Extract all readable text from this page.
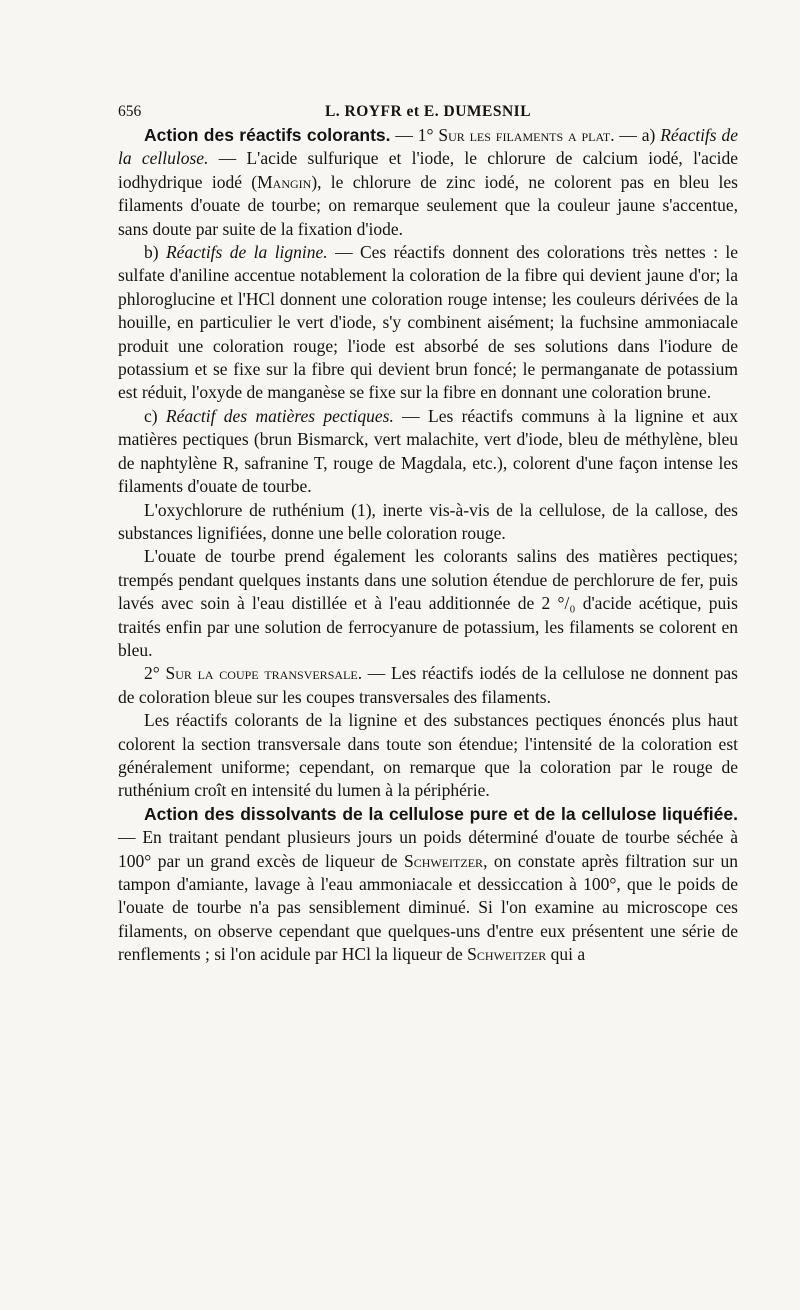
656	L. ROYFR et E. DUMESNIL

Action des réactifs colorants. — 1° Sur les filaments a plat. — a) Réactifs de la cellulose. — L'acide sulfurique et l'iode, le chlorure de calcium iodé, l'acide iodhydrique iodé (Mangin), le chlorure de zinc iodé, ne colorent pas en bleu les filaments d'ouate de tourbe; on remarque seulement que la couleur jaune s'accentue, sans doute par suite de la fixation d'iode.

b) Réactifs de la lignine. — Ces réactifs donnent des colorations très nettes : le sulfate d'aniline accentue notablement la coloration de la fibre qui devient jaune d'or; la phloroglucine et l'HCl donnent une coloration rouge intense; les couleurs dérivées de la houille, en particulier le vert d'iode, s'y combinent aisément; la fuchsine ammoniacale produit une coloration rouge; l'iode est absorbé de ses solutions dans l'iodure de potassium et se fixe sur la fibre qui devient brun foncé; le permanganate de potassium est réduit, l'oxyde de manganèse se fixe sur la fibre en donnant une coloration brune.

c) Réactif des matières pectiques. — Les réactifs communs à la lignine et aux matières pectiques (brun Bismarck, vert malachite, vert d'iode, bleu de méthylène, bleu de naphtylène R, safranine T, rouge de Magdala, etc.), colorent d'une façon intense les filaments d'ouate de tourbe.

L'oxychlorure de ruthénium (1), inerte vis-à-vis de la cellulose, de la callose, des substances lignifiées, donne une belle coloration rouge.

L'ouate de tourbe prend également les colorants salins des matières pectiques; trempés pendant quelques instants dans une solution étendue de perchlorure de fer, puis lavés avec soin à l'eau distillée et à l'eau additionnée de 2 °/₀ d'acide acétique, puis traités enfin par une solution de ferrocyanure de potassium, les filaments se colorent en bleu.

2° Sur la coupe transversale. — Les réactifs iodés de la cellulose ne donnent pas de coloration bleue sur les coupes transversales des filaments.

Les réactifs colorants de la lignine et des substances pectiques énoncés plus haut colorent la section transversale dans toute son étendue; l'intensité de la coloration est généralement uniforme; cependant, on remarque que la coloration par le rouge de ruthénium croît en intensité du lumen à la périphérie.

Action des dissolvants de la cellulose pure et de la cellulose liquéfiée. — En traitant pendant plusieurs jours un poids déterminé d'ouate de tourbe séchée à 100° par un grand excès de liqueur de Schweitzer, on constate après filtration sur un tampon d'amiante, lavage à l'eau ammoniacale et dessiccation à 100°, que le poids de l'ouate de tourbe n'a pas sensiblement diminué. Si l'on examine au microscope ces filaments, on observe cependant que quelques-uns d'entre eux présentent une série de renflements ; si l'on acidule par HCl la liqueur de Schweitzer qui a
